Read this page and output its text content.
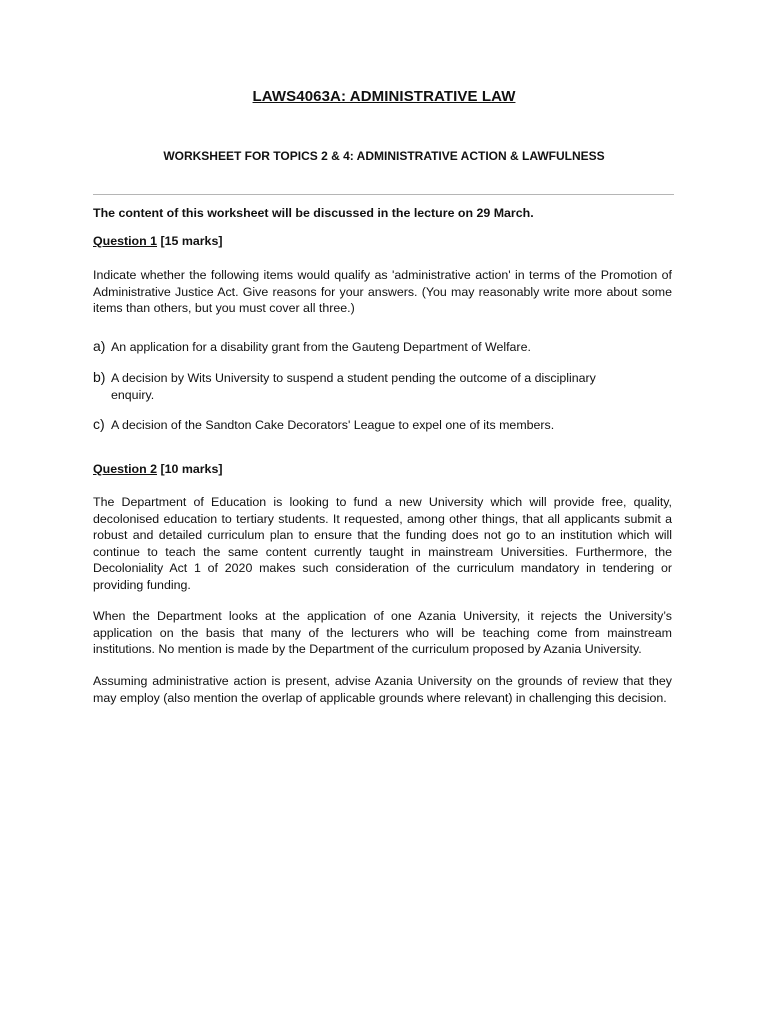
LAWS4063A: ADMINISTRATIVE LAW
WORKSHEET FOR TOPICS 2 & 4: ADMINISTRATIVE ACTION & LAWFULNESS
The content of this worksheet will be discussed in the lecture on 29 March.
Question 1 [15 marks]
Indicate whether the following items would qualify as 'administrative action' in terms of the Promotion of Administrative Justice Act. Give reasons for your answers. (You may reasonably write more about some items than others, but you must cover all three.)
a) An application for a disability grant from the Gauteng Department of Welfare.
b) A decision by Wits University to suspend a student pending the outcome of a disciplinary enquiry.
c) A decision of the Sandton Cake Decorators' League to expel one of its members.
Question 2 [10 marks]
The Department of Education is looking to fund a new University which will provide free, quality, decolonised education to tertiary students. It requested, among other things, that all applicants submit a robust and detailed curriculum plan to ensure that the funding does not go to an institution which will continue to teach the same content currently taught in mainstream Universities. Furthermore, the Decoloniality Act 1 of 2020 makes such consideration of the curriculum mandatory in tendering or providing funding.
When the Department looks at the application of one Azania University, it rejects the University’s application on the basis that many of the lecturers who will be teaching come from mainstream institutions. No mention is made by the Department of the curriculum proposed by Azania University.
Assuming administrative action is present, advise Azania University on the grounds of review that they may employ (also mention the overlap of applicable grounds where relevant) in challenging this decision.
